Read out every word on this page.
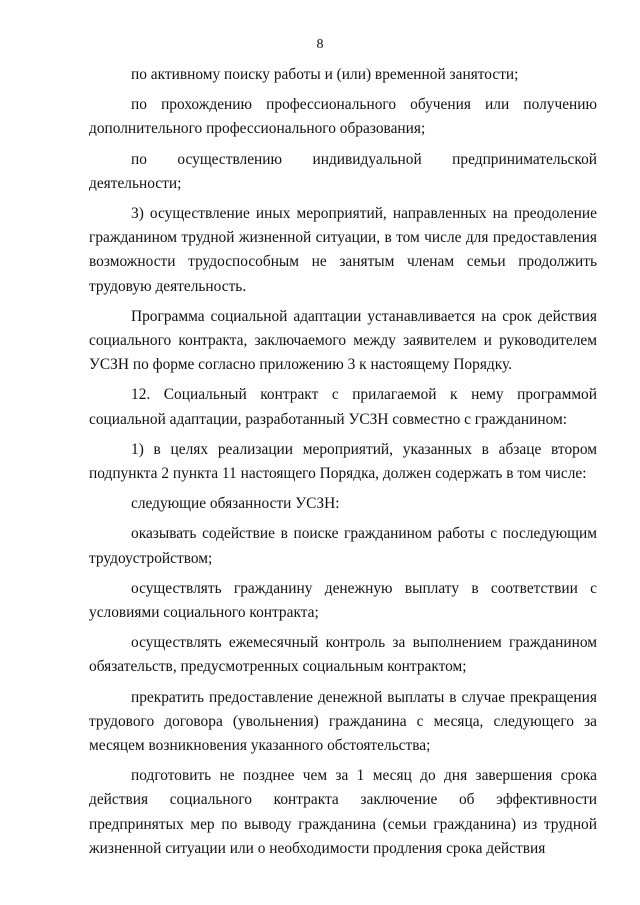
8

по активному поиску работы и (или) временной занятости;

по прохождению профессионального обучения или получению дополнительного профессионального образования;

по осуществлению индивидуальной предпринимательской деятельности;

3) осуществление иных мероприятий, направленных на преодоление гражданином трудной жизненной ситуации, в том числе для предоставления возможности трудоспособным не занятым членам семьи продолжить трудовую деятельность.

Программа социальной адаптации устанавливается на срок действия социального контракта, заключаемого между заявителем и руководителем УСЗН по форме согласно приложению 3 к настоящему Порядку.

12. Социальный контракт с прилагаемой к нему программой социальной адаптации, разработанный УСЗН совместно с гражданином:

1) в целях реализации мероприятий, указанных в абзаце втором подпункта 2 пункта 11 настоящего Порядка, должен содержать в том числе:

следующие обязанности УСЗН:

оказывать содействие в поиске гражданином работы с последующим трудоустройством;

осуществлять гражданину денежную выплату в соответствии с условиями социального контракта;

осуществлять ежемесячный контроль за выполнением гражданином обязательств, предусмотренных социальным контрактом;

прекратить предоставление денежной выплаты в случае прекращения трудового договора (увольнения) гражданина с месяца, следующего за месяцем возникновения указанного обстоятельства;

подготовить не позднее чем за 1 месяц до дня завершения срока действия социального контракта заключение об эффективности предпринятых мер по выводу гражданина (семьи гражданина) из трудной жизненной ситуации или о необходимости продления срока действия
